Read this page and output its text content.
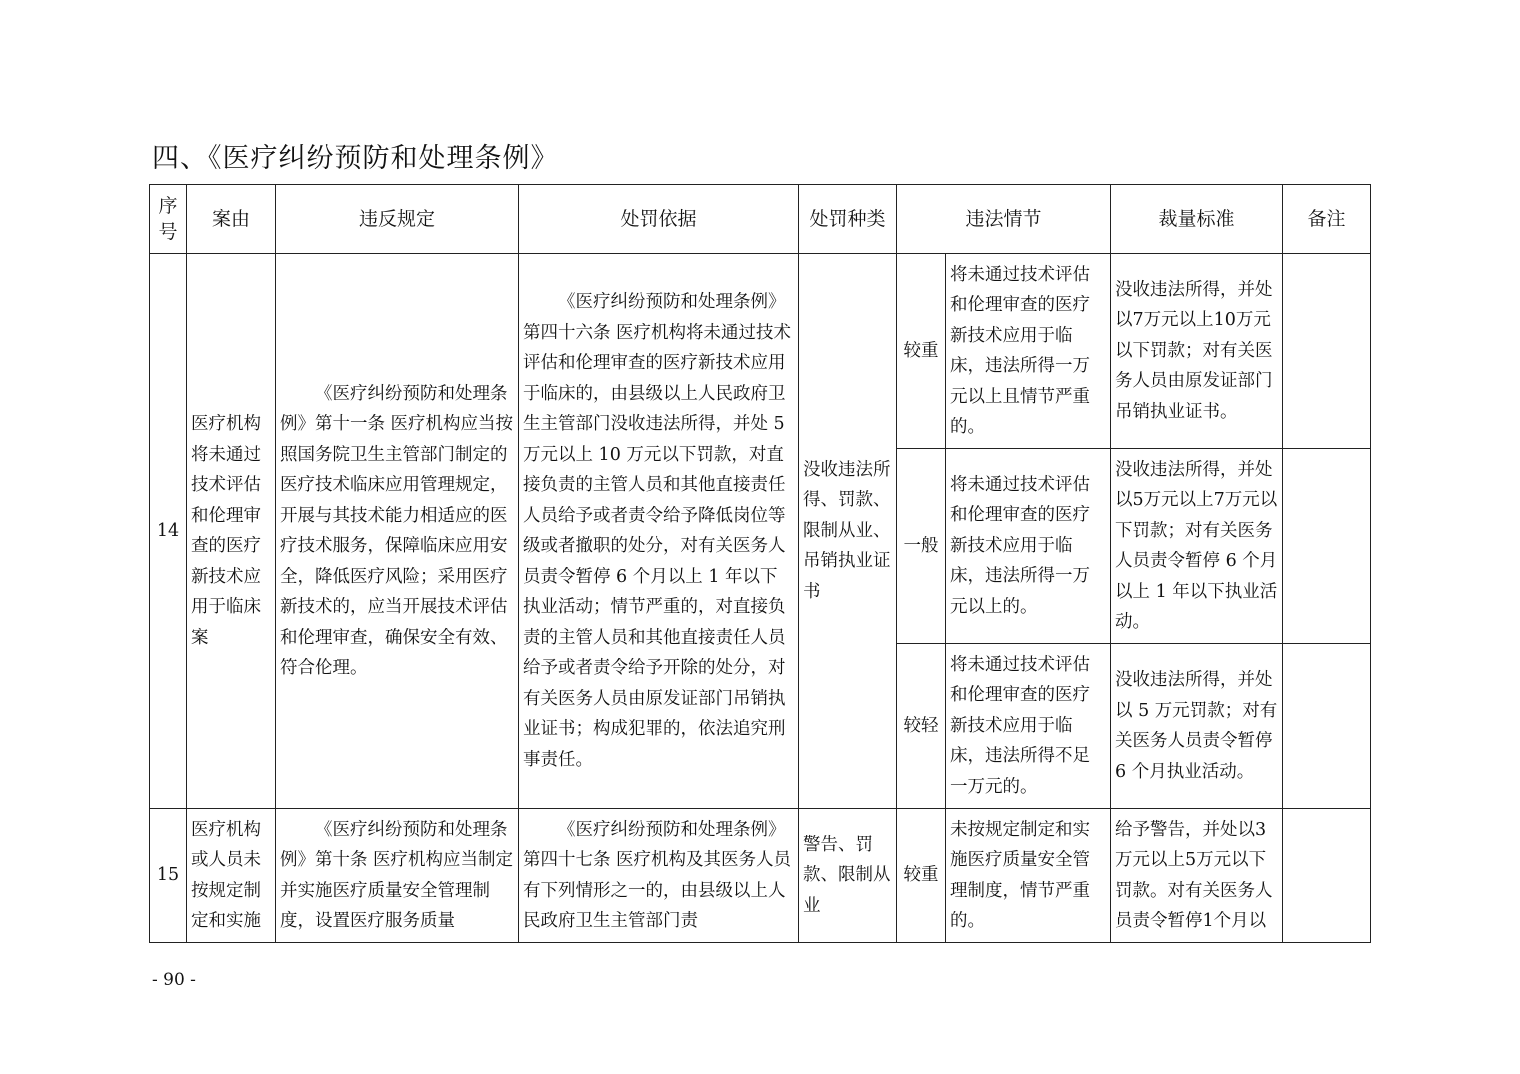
四、《医疗纠纷预防和处理条例》
序号	案由	违反规定	处罚依据	处罚种类	违法情节		裁量标准	备注
14	医疗机构将未通过技术评估和伦理审查的医疗新技术应用于临床案	《医疗纠纷预防和处理条例》第十一条 医疗机构应当按照国务院卫生主管部门制定的医疗技术临床应用管理规定，开展与其技术能力相适应的医疗技术服务，保障临床应用安全，降低医疗风险；采用医疗新技术的，应当开展技术评估和伦理审查，确保安全有效、符合伦理。	《医疗纠纷预防和处理条例》第四十六条 医疗机构将未通过技术评估和伦理审查的医疗新技术应用于临床的，由县级以上人民政府卫生主管部门没收违法所得，并处 5 万元以上 10 万元以下罚款，对直接负责的主管人员和其他直接责任人员给予或者责令给予降低岗位等级或者撤职的处分，对有关医务人员责令暂停 6 个月以上 1 年以下执业活动；情节严重的，对直接负责的主管人员和其他直接责任人员给予或者责令给予开除的处分，对有关医务人员由原发证部门吊销执业证书；构成犯罪的，依法追究刑事责任。	没收违法所得、罚款、限制从业、吊销执业证书	较重	将未通过技术评估和伦理审查的医疗新技术应用于临床，违法所得一万元以上且情节严重的。	没收违法所得，并处以7万元以上10万元以下罚款；对有关医务人员由原发证部门吊销执业证书。	
					一般	将未通过技术评估和伦理审查的医疗新技术应用于临床，违法所得一万元以上的。	没收违法所得，并处以5万元以上7万元以下罚款；对有关医务人员责令暂停 6 个月以上 1 年以下执业活动。	
					较轻	将未通过技术评估和伦理审查的医疗新技术应用于临床，违法所得不足一万元的。	没收违法所得，并处以 5 万元罚款；对有关医务人员责令暂停 6 个月执业活动。	
15	医疗机构或人员未按规定制定和实施	《医疗纠纷预防和处理条例》第十条 医疗机构应当制定并实施医疗质量安全管理制度，设置医疗服务质量	《医疗纠纷预防和处理条例》第四十七条 医疗机构及其医务人员有下列情形之一的，由县级以上人民政府卫生主管部门责	警告、罚款、限制从业	较重	未按规定制定和实施医疗质量安全管理制度，情节严重的。	给予警告，并处以3万元以上5万元以下罚款。对有关医务人员责令暂停1个月以	
- 90 -
